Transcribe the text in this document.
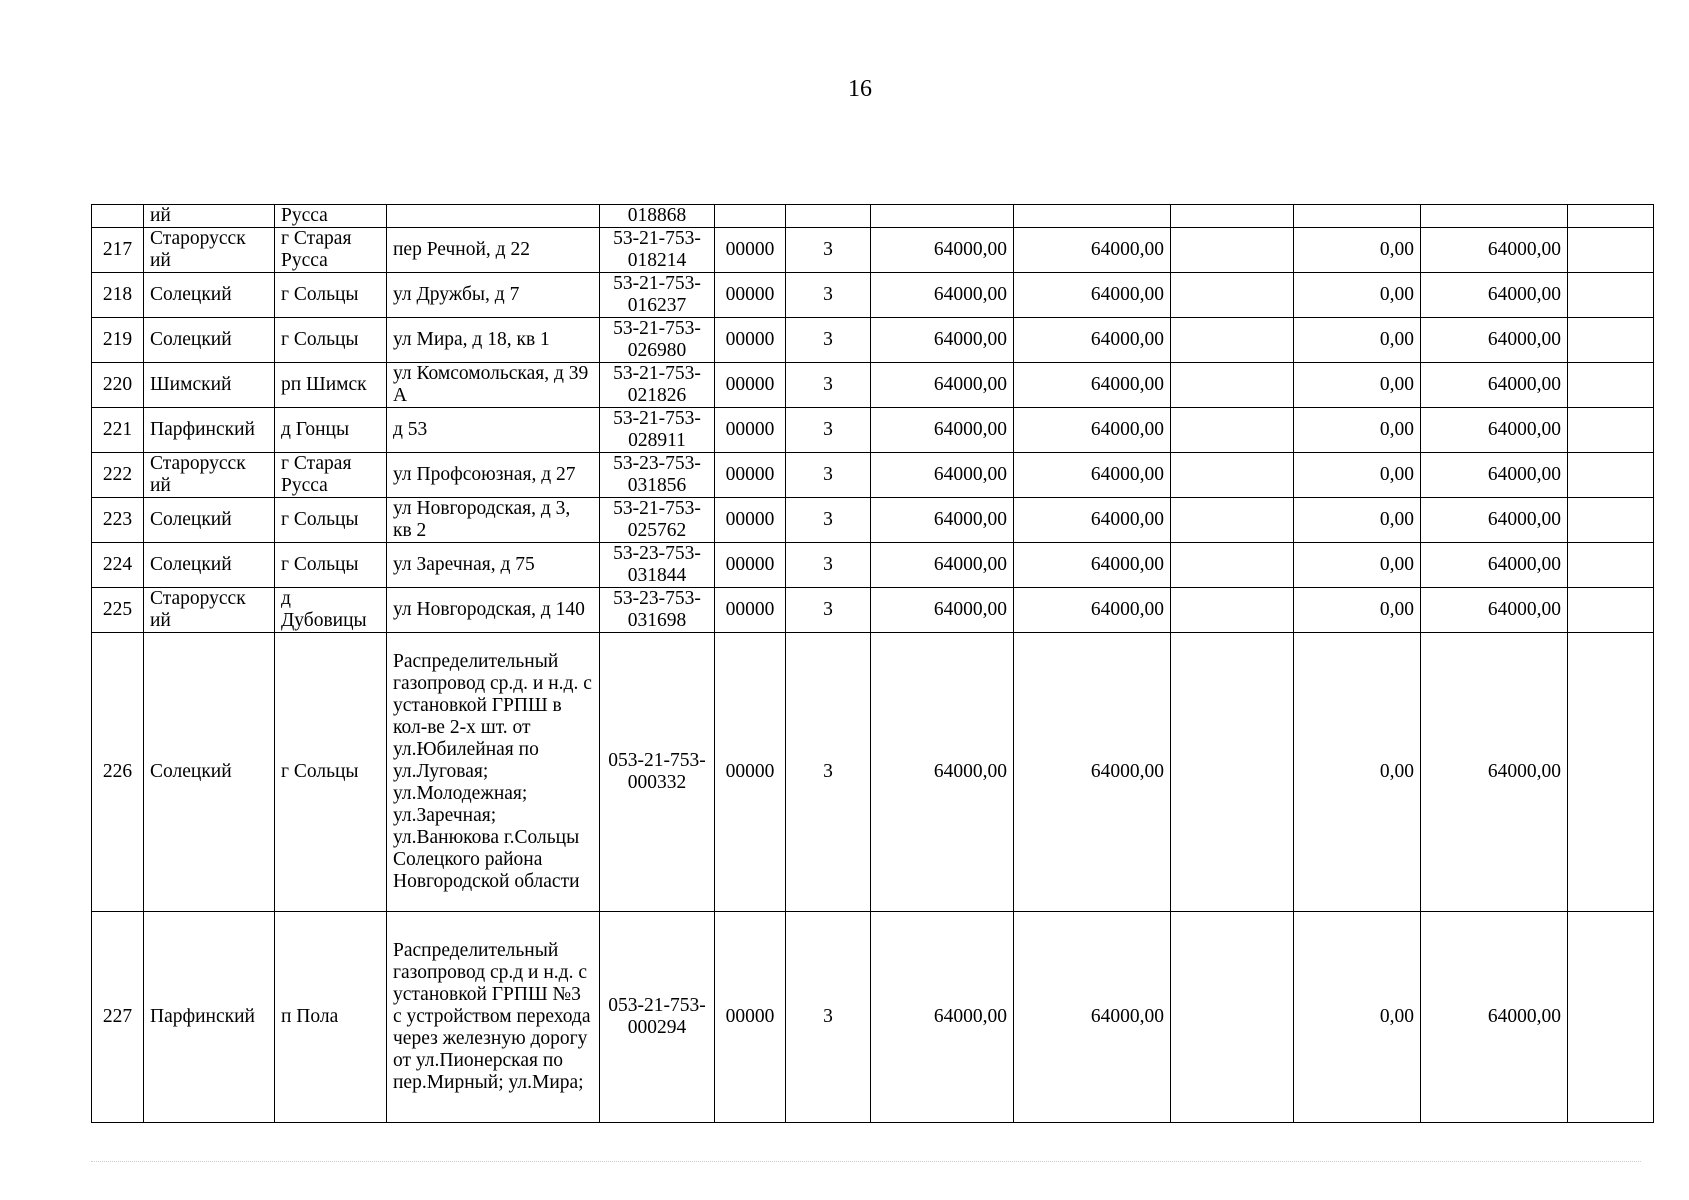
16
	ий	Русса		018868								
217	Старорусск ий	г Старая Русса	пер Речной, д 22	53-21-753-018214	00000	3	64000,00	64000,00		0,00	64000,00	
218	Солецкий	г Сольцы	ул Дружбы, д 7	53-21-753-016237	00000	3	64000,00	64000,00		0,00	64000,00	
219	Солецкий	г Сольцы	ул Мира, д 18, кв 1	53-21-753-026980	00000	3	64000,00	64000,00		0,00	64000,00	
220	Шимский	рп Шимск	ул Комсомольская, д 39 А	53-21-753-021826	00000	3	64000,00	64000,00		0,00	64000,00	
221	Парфинский	д Гонцы	д 53	53-21-753-028911	00000	3	64000,00	64000,00		0,00	64000,00	
222	Старорусск ий	г Старая Русса	ул Профсоюзная, д 27	53-23-753-031856	00000	3	64000,00	64000,00		0,00	64000,00	
223	Солецкий	г Сольцы	ул Новгородская, д 3, кв 2	53-21-753-025762	00000	3	64000,00	64000,00		0,00	64000,00	
224	Солецкий	г Сольцы	ул Заречная, д 75	53-23-753-031844	00000	3	64000,00	64000,00		0,00	64000,00	
225	Старорусск ий	д Дубовицы	ул Новгородская, д 140	53-23-753-031698	00000	3	64000,00	64000,00		0,00	64000,00	
226	Солецкий	г Сольцы	Распределительный газопровод ср.д. и н.д. с установкой ГРПШ в кол-ве 2-х шт. от ул.Юбилейная по ул.Луговая; ул.Молодежная; ул.Заречная; ул.Ванюкова г.Сольцы Солецкого района Новгородской области	053-21-753-000332	00000	3	64000,00	64000,00		0,00	64000,00	
227	Парфинский	п Пола	Распределительный газопровод ср.д и н.д. с установкой ГРПШ №3 с устройством перехода через железную дорогу от ул.Пионерская по пер.Мирный; ул.Мира;	053-21-753-000294	00000	3	64000,00	64000,00		0,00	64000,00	
